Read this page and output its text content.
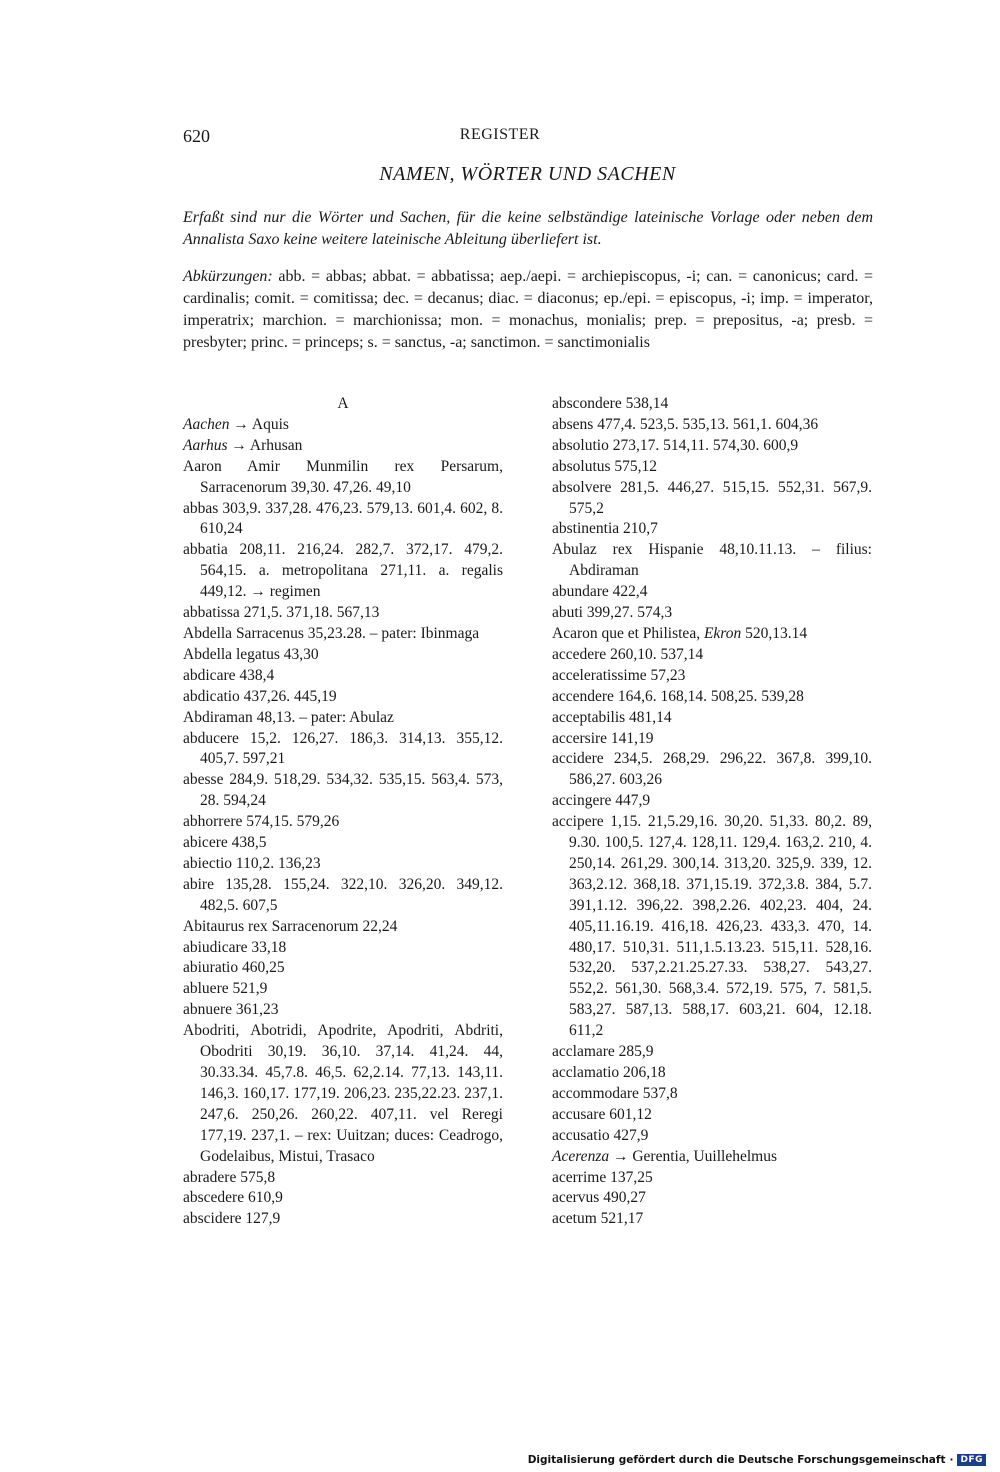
620	REGISTER
NAMEN, WÖRTER UND SACHEN
Erfaßt sind nur die Wörter und Sachen, für die keine selbständige lateinische Vorlage oder neben dem Annalista Saxo keine weitere lateinische Ableitung überliefert ist.
Abkürzungen: abb. = abbas; abbat. = abbatissa; aep./aepi. = archiepiscopus, -i; can. = canonicus; card. = cardinalis; comit. = comitissa; dec. = decanus; diac. = diaconus; ep./epi. = episcopus, -i; imp. = imperator, imperatrix; marchion. = marchionissa; mon. = monachus, monialis; prep. = prepositus, -a; presb. = presbyter; princ. = princeps; s. = sanctus, -a; sanctimon. = sanctimonialis
A
Aachen → Aquis
Aarhus → Arhusan
Aaron Amir Munmilin rex Persarum, Sarracenorum 39,30. 47,26. 49,10
abbas 303,9. 337,28. 476,23. 579,13. 601,4. 602, 8. 610,24
abbatia 208,11. 216,24. 282,7. 372,17. 479,2. 564,15. a. metropolitana 271,11. a. regalis 449,12. → regimen
abbatissa 271,5. 371,18. 567,13
Abdella Sarracenus 35,23.28. – pater: Ibinmaga
Abdella legatus 43,30
abdicare 438,4
abdicatio 437,26. 445,19
Abdiraman 48,13. – pater: Abulaz
abducere 15,2. 126,27. 186,3. 314,13. 355,12. 405,7. 597,21
abesse 284,9. 518,29. 534,32. 535,15. 563,4. 573, 28. 594,24
abhorrere 574,15. 579,26
abicere 438,5
abiectio 110,2. 136,23
abire 135,28. 155,24. 322,10. 326,20. 349,12. 482,5. 607,5
Abitaurus rex Sarracenorum 22,24
abiudicare 33,18
abiuratio 460,25
abluere 521,9
abnuere 361,23
Abodriti, Abotridi, Apodrite, Apodriti, Abdriti, Obodriti 30,19. 36,10. 37,14. 41,24. 44, 30.33.34. 45,7.8. 46,5. 62,2.14. 77,13. 143,11. 146,3. 160,17. 177,19. 206,23. 235,22.23. 237,1. 247,6. 250,26. 260,22. 407,11. vel Reregi 177,19. 237,1. – rex: Uuitzan; duces: Ceadrogo, Godelaibus, Mistui, Trasaco
abradere 575,8
abscedere 610,9
abscidere 127,9
abscondere 538,14
absens 477,4. 523,5. 535,13. 561,1. 604,36
absolutio 273,17. 514,11. 574,30. 600,9
absolutus 575,12
absolvere 281,5. 446,27. 515,15. 552,31. 567,9. 575,2
abstinentia 210,7
Abulaz rex Hispanie 48,10.11.13. – filius: Abdiraman
abundare 422,4
abuti 399,27. 574,3
Acaron que et Philistea, Ekron 520,13.14
accedere 260,10. 537,14
acceleratissime 57,23
accendere 164,6. 168,14. 508,25. 539,28
acceptabilis 481,14
accersire 141,19
accidere 234,5. 268,29. 296,22. 367,8. 399,10. 586,27. 603,26
accingere 447,9
accipere 1,15. 21,5.29,16. 30,20. 51,33. 80,2. 89, 9.30. 100,5. 127,4. 128,11. 129,4. 163,2. 210, 4. 250,14. 261,29. 300,14. 313,20. 325,9. 339, 12. 363,2.12. 368,18. 371,15.19. 372,3.8. 384, 5.7. 391,1.12. 396,22. 398,2.26. 402,23. 404, 24. 405,11.16.19. 416,18. 426,23. 433,3. 470, 14. 480,17. 510,31. 511,1.5.13.23. 515,11. 528,16. 532,20. 537,2.21.25.27.33. 538,27. 543,27. 552,2. 561,30. 568,3.4. 572,19. 575, 7. 581,5. 583,27. 587,13. 588,17. 603,21. 604, 12.18. 611,2
acclamare 285,9
acclamatio 206,18
accommodare 537,8
accusare 601,12
accusatio 427,9
Acerenza → Gerentia, Uuillehelmus
acerrime 137,25
acervus 490,27
acetum 521,17
Digitalisierung gefördert durch die Deutsche Forschungsgemeinschaft · DFG
